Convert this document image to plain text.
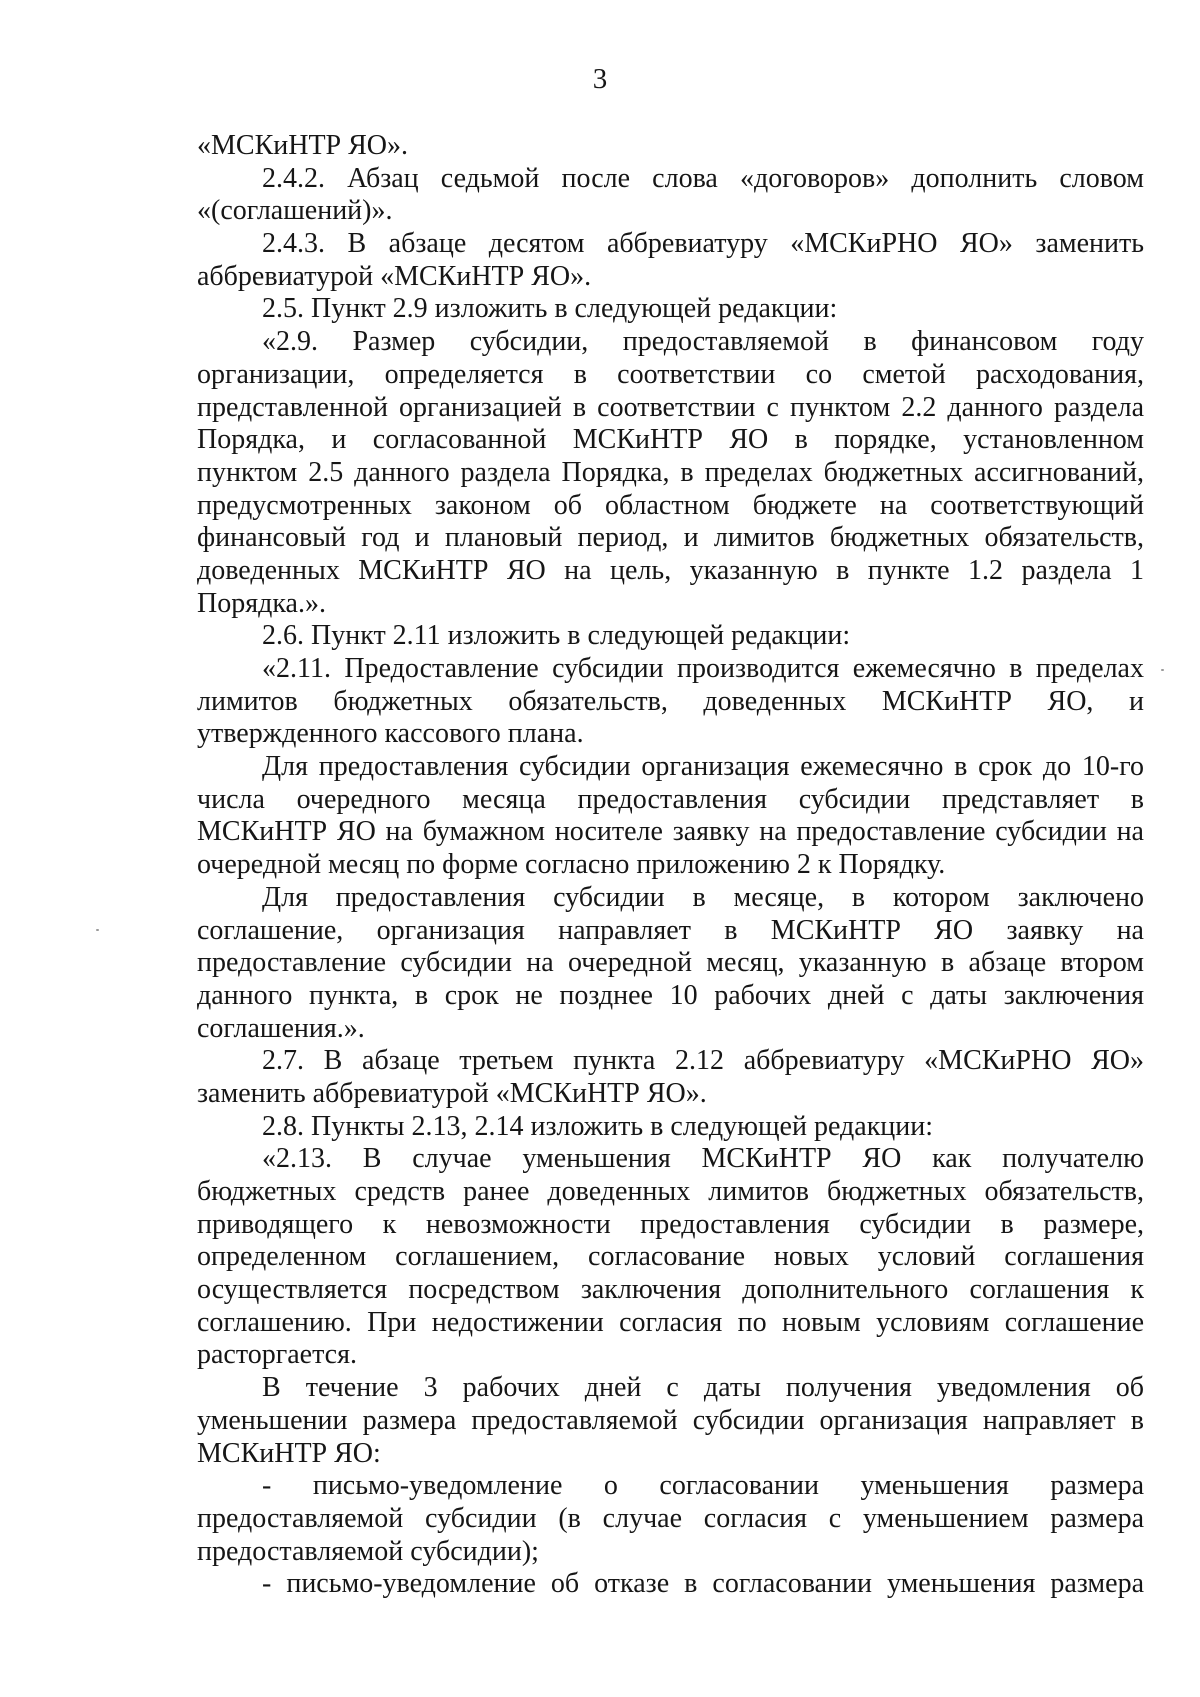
3
«МСКиНТР ЯО».
2.4.2. Абзац седьмой после слова «договоров» дополнить словом
«(соглашений)».
2.4.3. В абзаце десятом аббревиатуру «МСКиРНО ЯО» заменить
аббревиатурой «МСКиНТР ЯО».
2.5. Пункт 2.9 изложить в следующей редакции:
«2.9. Размер субсидии, предоставляемой в финансовом году
организации, определяется в соответствии со сметой расходования,
представленной организацией в соответствии с пунктом 2.2 данного раздела
Порядка, и согласованной МСКиНТР ЯО в порядке, установленном
пунктом 2.5 данного раздела Порядка, в пределах бюджетных ассигнований,
предусмотренных законом об областном бюджете на соответствующий
финансовый год и плановый период, и лимитов бюджетных обязательств,
доведенных МСКиНТР ЯО на цель, указанную в пункте 1.2 раздела 1
Порядка.».
2.6. Пункт 2.11 изложить в следующей редакции:
«2.11. Предоставление субсидии производится ежемесячно в пределах
лимитов бюджетных обязательств, доведенных МСКиНТР ЯО, и
утвержденного кассового плана.
Для предоставления субсидии организация ежемесячно в срок до 10-го
числа очередного месяца предоставления субсидии представляет в
МСКиНТР ЯО на бумажном носителе заявку на предоставление субсидии на
очередной месяц по форме согласно приложению 2 к Порядку.
Для предоставления субсидии в месяце, в котором заключено
соглашение, организация направляет в МСКиНТР ЯО заявку на
предоставление субсидии на очередной месяц, указанную в абзаце втором
данного пункта, в срок не позднее 10 рабочих дней с даты заключения
соглашения.».
2.7. В абзаце третьем пункта 2.12 аббревиатуру «МСКиРНО ЯО»
заменить аббревиатурой «МСКиНТР ЯО».
2.8. Пункты 2.13, 2.14 изложить в следующей редакции:
«2.13. В случае уменьшения МСКиНТР ЯО как получателю
бюджетных средств ранее доведенных лимитов бюджетных обязательств,
приводящего к невозможности предоставления субсидии в размере,
определенном соглашением, согласование новых условий соглашения
осуществляется посредством заключения дополнительного соглашения к
соглашению. При недостижении согласия по новым условиям соглашение
расторгается.
В течение 3 рабочих дней с даты получения уведомления об
уменьшении размера предоставляемой субсидии организация направляет в
МСКиНТР ЯО:
- письмо-уведомление о согласовании уменьшения размера
предоставляемой субсидии (в случае согласия с уменьшением размера
предоставляемой субсидии);
- письмо-уведомление об отказе в согласовании уменьшения размера
